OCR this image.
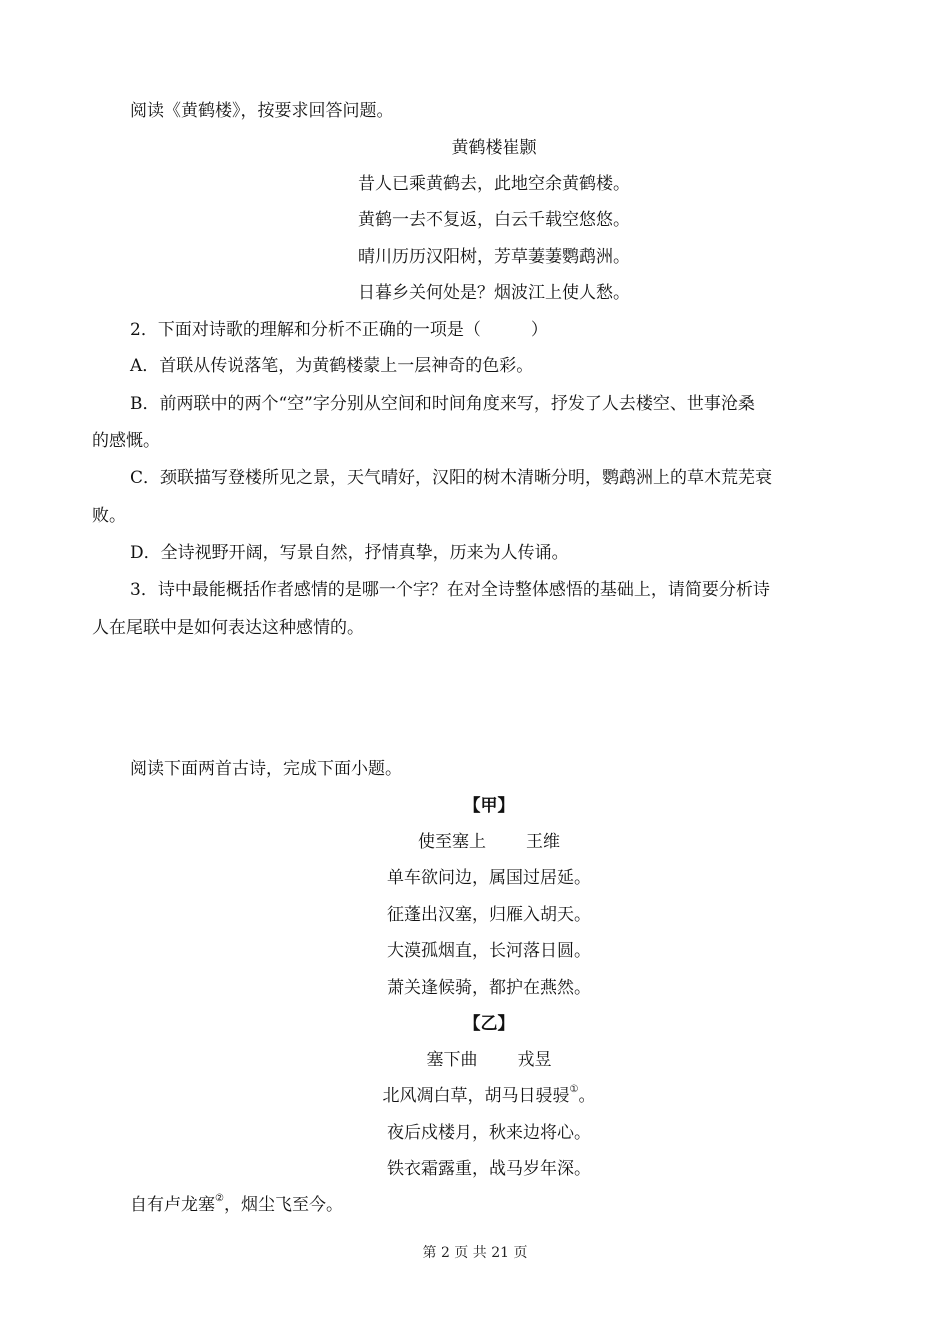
阅读《黄鹤楼》，按要求回答问题。
黄鹤楼崔颢
昔人已乘黄鹤去，此地空余黄鹤楼。
黄鹤一去不复返，白云千载空悠悠。
晴川历历汉阳树，芳草萋萋鹦鹉洲。
日暮乡关何处是？烟波江上使人愁。
2．下面对诗歌的理解和分析不正确的一项是（	）
A．首联从传说落笔，为黄鹤楼蒙上一层神奇的色彩。
B．前两联中的两个“空”字分别从空间和时间角度来写，抒发了人去楼空、世事沧桑
的感慨。
C．颈联描写登楼所见之景，天气晴好，汉阳的树木清晰分明，鹦鹉洲上的草木荒芜衰
败。
D．全诗视野开阔，写景自然，抒情真挚，历来为人传诵。
3．诗中最能概括作者感情的是哪一个字？在对全诗整体感悟的基础上，请简要分析诗
人在尾联中是如何表达这种感情的。
阅读下面两首古诗，完成下面小题。
【甲】
使至塞上 王维
单车欲问边，属国过居延。
征蓬出汉塞，归雁入胡天。
大漠孤烟直，长河落日圆。
萧关逢候骑，都护在燕然。
【乙】
塞下曲 戎昱
北风凋白草，胡马日骎骎①。
夜后戍楼月，秋来边将心。
铁衣霜露重，战马岁年深。
自有卢龙塞②，烟尘飞至今。
第 2 页 共 21 页
